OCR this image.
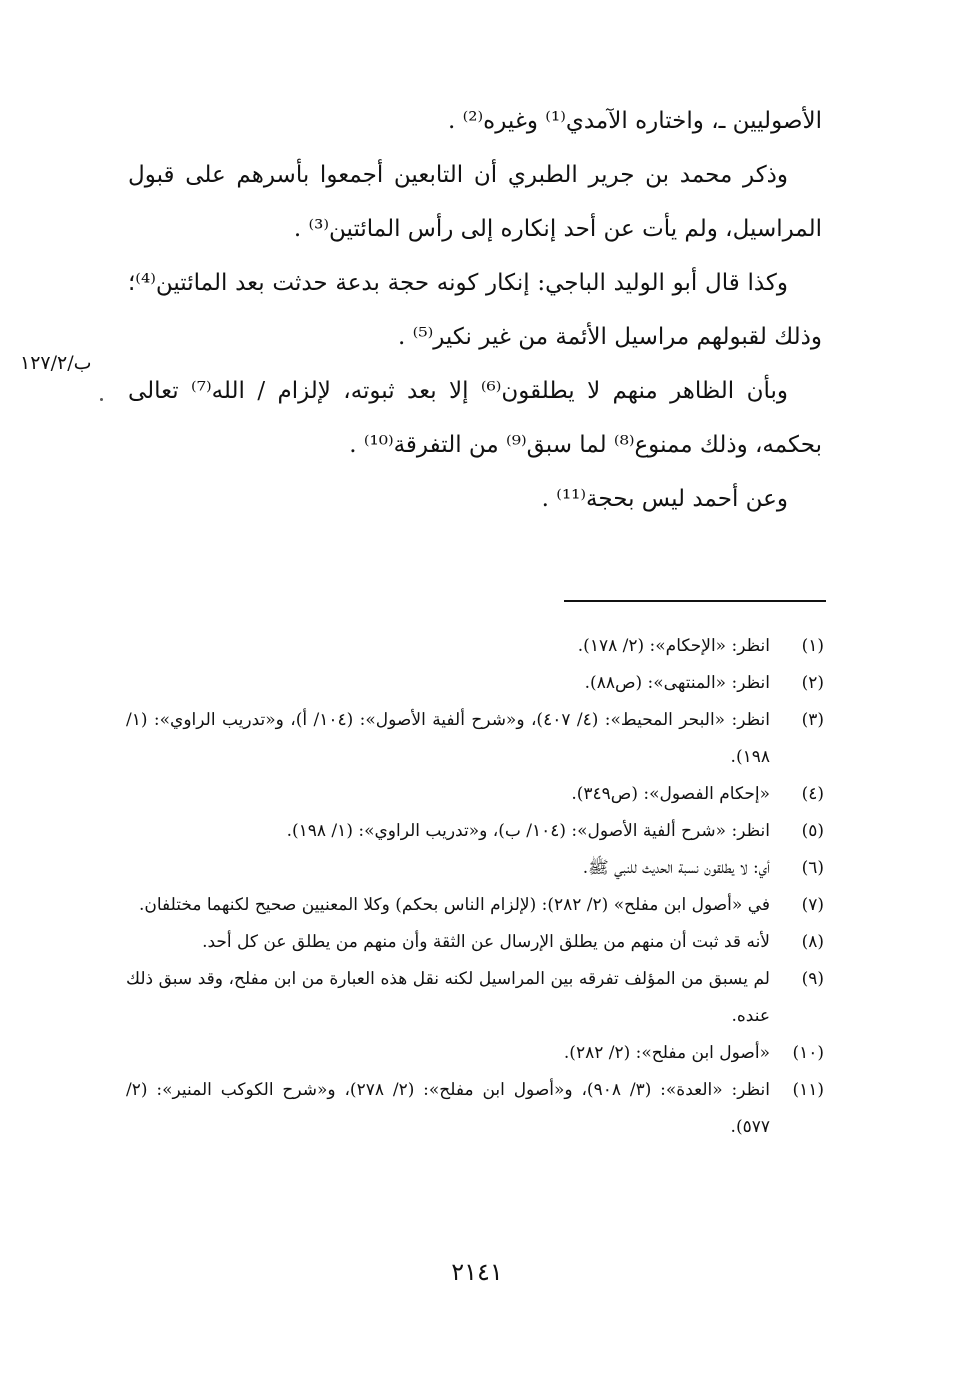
الأصوليين ـ، واختاره الآمدي⁽¹⁾ وغيره⁽²⁾ .

وذكر محمد بن جرير الطبري أن التابعين أجمعوا بأسرهم على قبول المراسيل، ولم يأت عن أحد إنكاره إلى رأس المائتين⁽³⁾ .

وكذا قال أبو الوليد الباجي: إنكار كونه حجة بدعة حدثت بعد المائتين⁽⁴⁾؛ وذلك لقبولهم مراسيل الأئمة من غير نكير⁽⁵⁾ .

وبأن الظاهر منهم لا يطلقون⁽⁶⁾ إلا بعد ثبوته، لإلزام / الله⁽⁷⁾ تعالى بحكمه، وذلك ممنوع⁽⁸⁾ لما سبق⁽⁹⁾ من التفرقة⁽¹⁰⁾ .

وعن أحمد ليس بحجة⁽¹¹⁾ .

ب/١٢٧/٢
(١)
انظر: «الإحكام»: (٢/ ١٧٨).
(٢)
انظر: «المنتهى»: (ص٨٨).
(٣)
انظر: «البحر المحيط»: (٤/ ٤٠٧)، و«شرح ألفية الأصول»: (١٠٤/ أ)، و«تدريب الراوي»: (١/ ١٩٨).
(٤)
«إحكام الفصول»: (ص٣٤٩).
(٥)
انظر: «شرح ألفية الأصول»: (١٠٤/ ب)، و«تدريب الراوي»: (١/ ١٩٨).
(٦)
أي: لا يطلقون نسبة الحديث للنبي ﷺ.
(٧)
في «أصول ابن مفلح» (٢/ ٢٨٢): (لإلزام الناس بحكم) وكلا المعنيين صحيح لكنهما مختلفان.
(٨)
لأنه قد ثبت أن منهم من يطلق الإرسال عن الثقة وأن منهم من يطلق عن كل أحد.
(٩)
لم يسبق من المؤلف تفرقه بين المراسيل لكنه نقل هذه العبارة من ابن مفلح، وقد سبق ذلك عنده.
(١٠)
«أصول ابن مفلح»: (٢/ ٢٨٢).
(١١)
انظر: «العدة»: (٣/ ٩٠٨)، و«أصول ابن مفلح»: (٢/ ٢٧٨)، و«شرح الكوكب المنير»: (٢/ ٥٧٧).
٢١٤١
